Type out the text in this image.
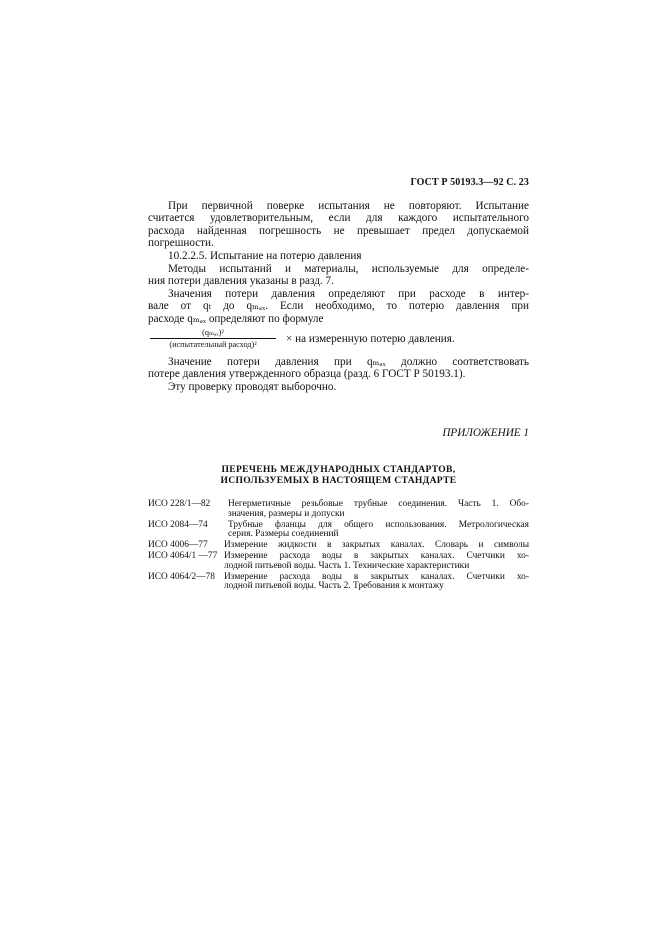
ГОСТ Р 50193.3—92 С. 23
При первичной поверке испытания не повторяют. Испытание
считается удовлетворительным, если для каждого испытательного
расхода найденная погрешность не превышает предел допускаемой
погрешности.
10.2.2.5. Испытание на потерю давления
Методы испытаний и материалы, используемые для определе-
ния потери давления указаны в разд. 7.
Значения потери давления определяют при расходе в интер-
вале от qₜ до qₘₐₓ. Если необходимо, то потерю давления при
расходе qₘₐₓ определяют по формуле
(qₘₐₓ)²
(испытательный расход)²	× на измеренную потерю давления.
Значение потери давления при qₘₐₓ должно соответствовать
потере давления утвержденного образца (разд. 6 ГОСТ Р 50193.1).
Эту проверку проводят выборочно.
ПРИЛОЖЕНИЕ 1
ПЕРЕЧЕНЬ МЕЖДУНАРОДНЫХ СТАНДАРТОВ,
ИСПОЛЬЗУЕМЫХ В НАСТОЯЩЕМ СТАНДАРТЕ
ИСО 228/1—82 Негерметичные резьбовые трубные соединения. Часть 1. Обо-
значения, размеры и допуски
ИСО 2084—74 Трубные фланцы для общего использования. Метрологическая
серия. Размеры соединений
ИСО 4006—77 Измерение жидкости в закрытых каналах. Словарь и символы
ИСО 4064/1 —77 Измерение расхода воды в закрытых каналах. Счетчики хо-
лодной питьевой воды. Часть 1. Технические характеристики
ИСО 4064/2—78 Измерение расхода воды в закрытых каналах. Счетчики хо-
лодной питьевой воды. Часть 2. Требования к монтажу
